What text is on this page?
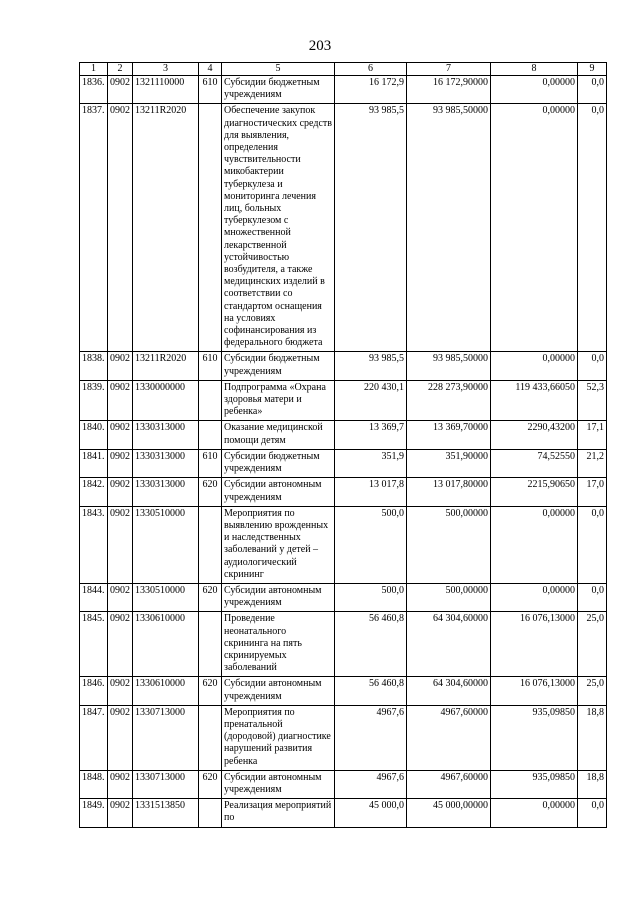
203
1	2	3	4	5	6	7	8	9
1836.	0902	1321110000	610	Субсидии бюджетным учреждениям	16 172,9	16 172,90000	0,00000	0,0
1837.	0902	13211R2020		Обеспечение закупок диагностических средств для выявления, определения чувствительности микобактерии туберкулеза и мониторинга лечения лиц, больных туберкулезом с множественной лекарственной устойчивостью возбудителя, а также медицинских изделий в соответствии со стандартом оснащения на условиях софинансирования из федерального бюджета	93 985,5	93 985,50000	0,00000	0,0
1838.	0902	13211R2020	610	Субсидии бюджетным учреждениям	93 985,5	93 985,50000	0,00000	0,0
1839.	0902	1330000000		Подпрограмма «Охрана здоровья матери и ребенка»	220 430,1	228 273,90000	119 433,66050	52,3
1840.	0902	1330313000		Оказание медицинской помощи детям	13 369,7	13 369,70000	2290,43200	17,1
1841.	0902	1330313000	610	Субсидии бюджетным учреждениям	351,9	351,90000	74,52550	21,2
1842.	0902	1330313000	620	Субсидии автономным учреждениям	13 017,8	13 017,80000	2215,90650	17,0
1843.	0902	1330510000		Мероприятия по выявлению врожденных и наследственных заболеваний у детей – аудиологический скрининг	500,0	500,00000	0,00000	0,0
1844.	0902	1330510000	620	Субсидии автономным учреждениям	500,0	500,00000	0,00000	0,0
1845.	0902	1330610000		Проведение неонатального скрининга на пять скринируемых заболеваний	56 460,8	64 304,60000	16 076,13000	25,0
1846.	0902	1330610000	620	Субсидии автономным учреждениям	56 460,8	64 304,60000	16 076,13000	25,0
1847.	0902	1330713000		Мероприятия по пренатальной (дородовой) диагностике нарушений развития ребенка	4967,6	4967,60000	935,09850	18,8
1848.	0902	1330713000	620	Субсидии автономным учреждениям	4967,6	4967,60000	935,09850	18,8
1849.	0902	1331513850		Реализация мероприятий по	45 000,0	45 000,00000	0,00000	0,0
